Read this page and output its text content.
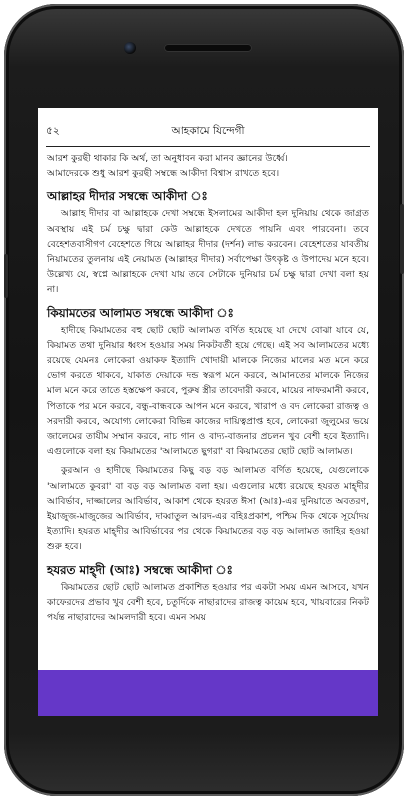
৫২	আহকামে যিন্দেগী

আরশ কুরছী থাকার কি অর্থ, তা অনুধাবন করা মানব জ্ঞানের উর্ধ্বে।

আমাদেরকে শুধু আরশ কুরছী সম্বন্ধে আকীদা বিশ্বাস রাখতে হবে।

আল্লাহর দীদার সম্বন্ধে আকীদা ঃ

আল্লাহ দীদার বা আল্লাহকে দেখা সম্বন্ধে ইসলামের আকীদা হল দুনিয়ায় থেকে জাগ্রত অবস্থায় এই চর্ম চক্ষু দ্বারা কেউ আল্লাহকে দেখতে পায়নি এবং পারবেনা। তবে বেহেশতবাসীগণ বেহেশতে গিয়ে আল্লাহর দীদার (দর্শন) লাভ করবেন। বেহেশতের যাবতীয় নিয়ামতের তুলনায় এই নেয়ামত (আল্লাহর দীদার) সর্বাপেক্ষা উৎকৃষ্ট ও উপাদেয় মনে হবে। উল্লেখ্য যে, স্বপ্নে আল্লাহকে দেখা যায় তবে সেটাকে দুনিয়ার চর্ম চক্ষু দ্বারা দেখা বলা হয় না।

কিয়ামতের আলামত সম্বন্ধে আকীদা ঃ

হাদীছে কিয়ামতের বহু ছোট ছোট আলামত বর্ণিত হয়েছে যা দেখে বোঝা যাবে যে, কিয়ামত তথা দুনিয়ার ধ্বংস হওয়ার সময় নিকটবর্তী হয়ে গেছে। এই সব আলামতের মধ্যে রয়েছে যেমনঃ লোকেরা ওয়াকফ ইত্যাদি খোদায়ী মালকে নিজের মালের মত মনে করে ভোগ করতে থাকবে, যাকাত দেয়াকে দন্ড স্বরূপ মনে করবে, আমানতের মালকে নিজের মাল মনে করে তাতে হস্তক্ষেপ করবে, পুরুষ স্ত্রীর তাবেদারী করবে, মায়ের নাফরমানী করবে, পিতাকে পর মনে করবে, বন্ধু-বান্ধবকে আপন মনে করবে, খারাপ ও বদ লোকেরা রাজত্ব ও সরদারী করবে, অযোগ্য লোকেরা বিভিন্ন কাজের দায়িত্বপ্রাপ্ত হবে, লোকেরা জুলুমের ভয়ে জালেমের তাযীম সম্মান করবে, নাচ গান ও বাদ্য-বাজনার প্রচলন খুব বেশী হবে ইত্যাদি। এগুলোকে বলা হয় কিয়ামতের 'আলামতে ছুগরা' বা কিয়ামতের ছোট ছোট আলামত।

কুরআন ও হাদীছে কিয়ামতের কিছু বড় বড় আলামত বর্ণিত হয়েছে, যেগুলোকে 'আলামতে কুবরা' বা বড় বড় আলামত বলা হয়। এগুলোর মধ্যে রয়েছে হযরত মাহ্দীর আবির্ভাব, দাজ্জালের আবির্ভাব, আকাশ থেকে হযরত ঈসা (আঃ)-এর দুনিয়াতে অবতরণ, ইয়াজুজ-মাজুজের আবির্ভাব, দাব্বাতুল আরদ-এর বহিঃপ্রকাশ, পশ্চিম দিক থেকে সূর্যোদয় ইত্যাদি। হযরত মাহ্দীর আবির্ভাবের পর থেকে কিয়ামতের বড় বড় আলামত জাহির হওয়া শুরু হবে।

হযরত মাহ্দী (আঃ) সম্বন্ধে আকীদা ঃ

কিয়ামতের ছোট ছোট আলামত প্রকাশিত হওয়ার পর একটা সময় এমন আসবে, যখন কাফেরদের প্রভাব খুব বেশী হবে, চতুর্দিকে নাছারাদের রাজত্ব কায়েম হবে, খায়বারের নিকট পর্যন্ত নাছারাদের আমলদারী হবে। এমন সময়
